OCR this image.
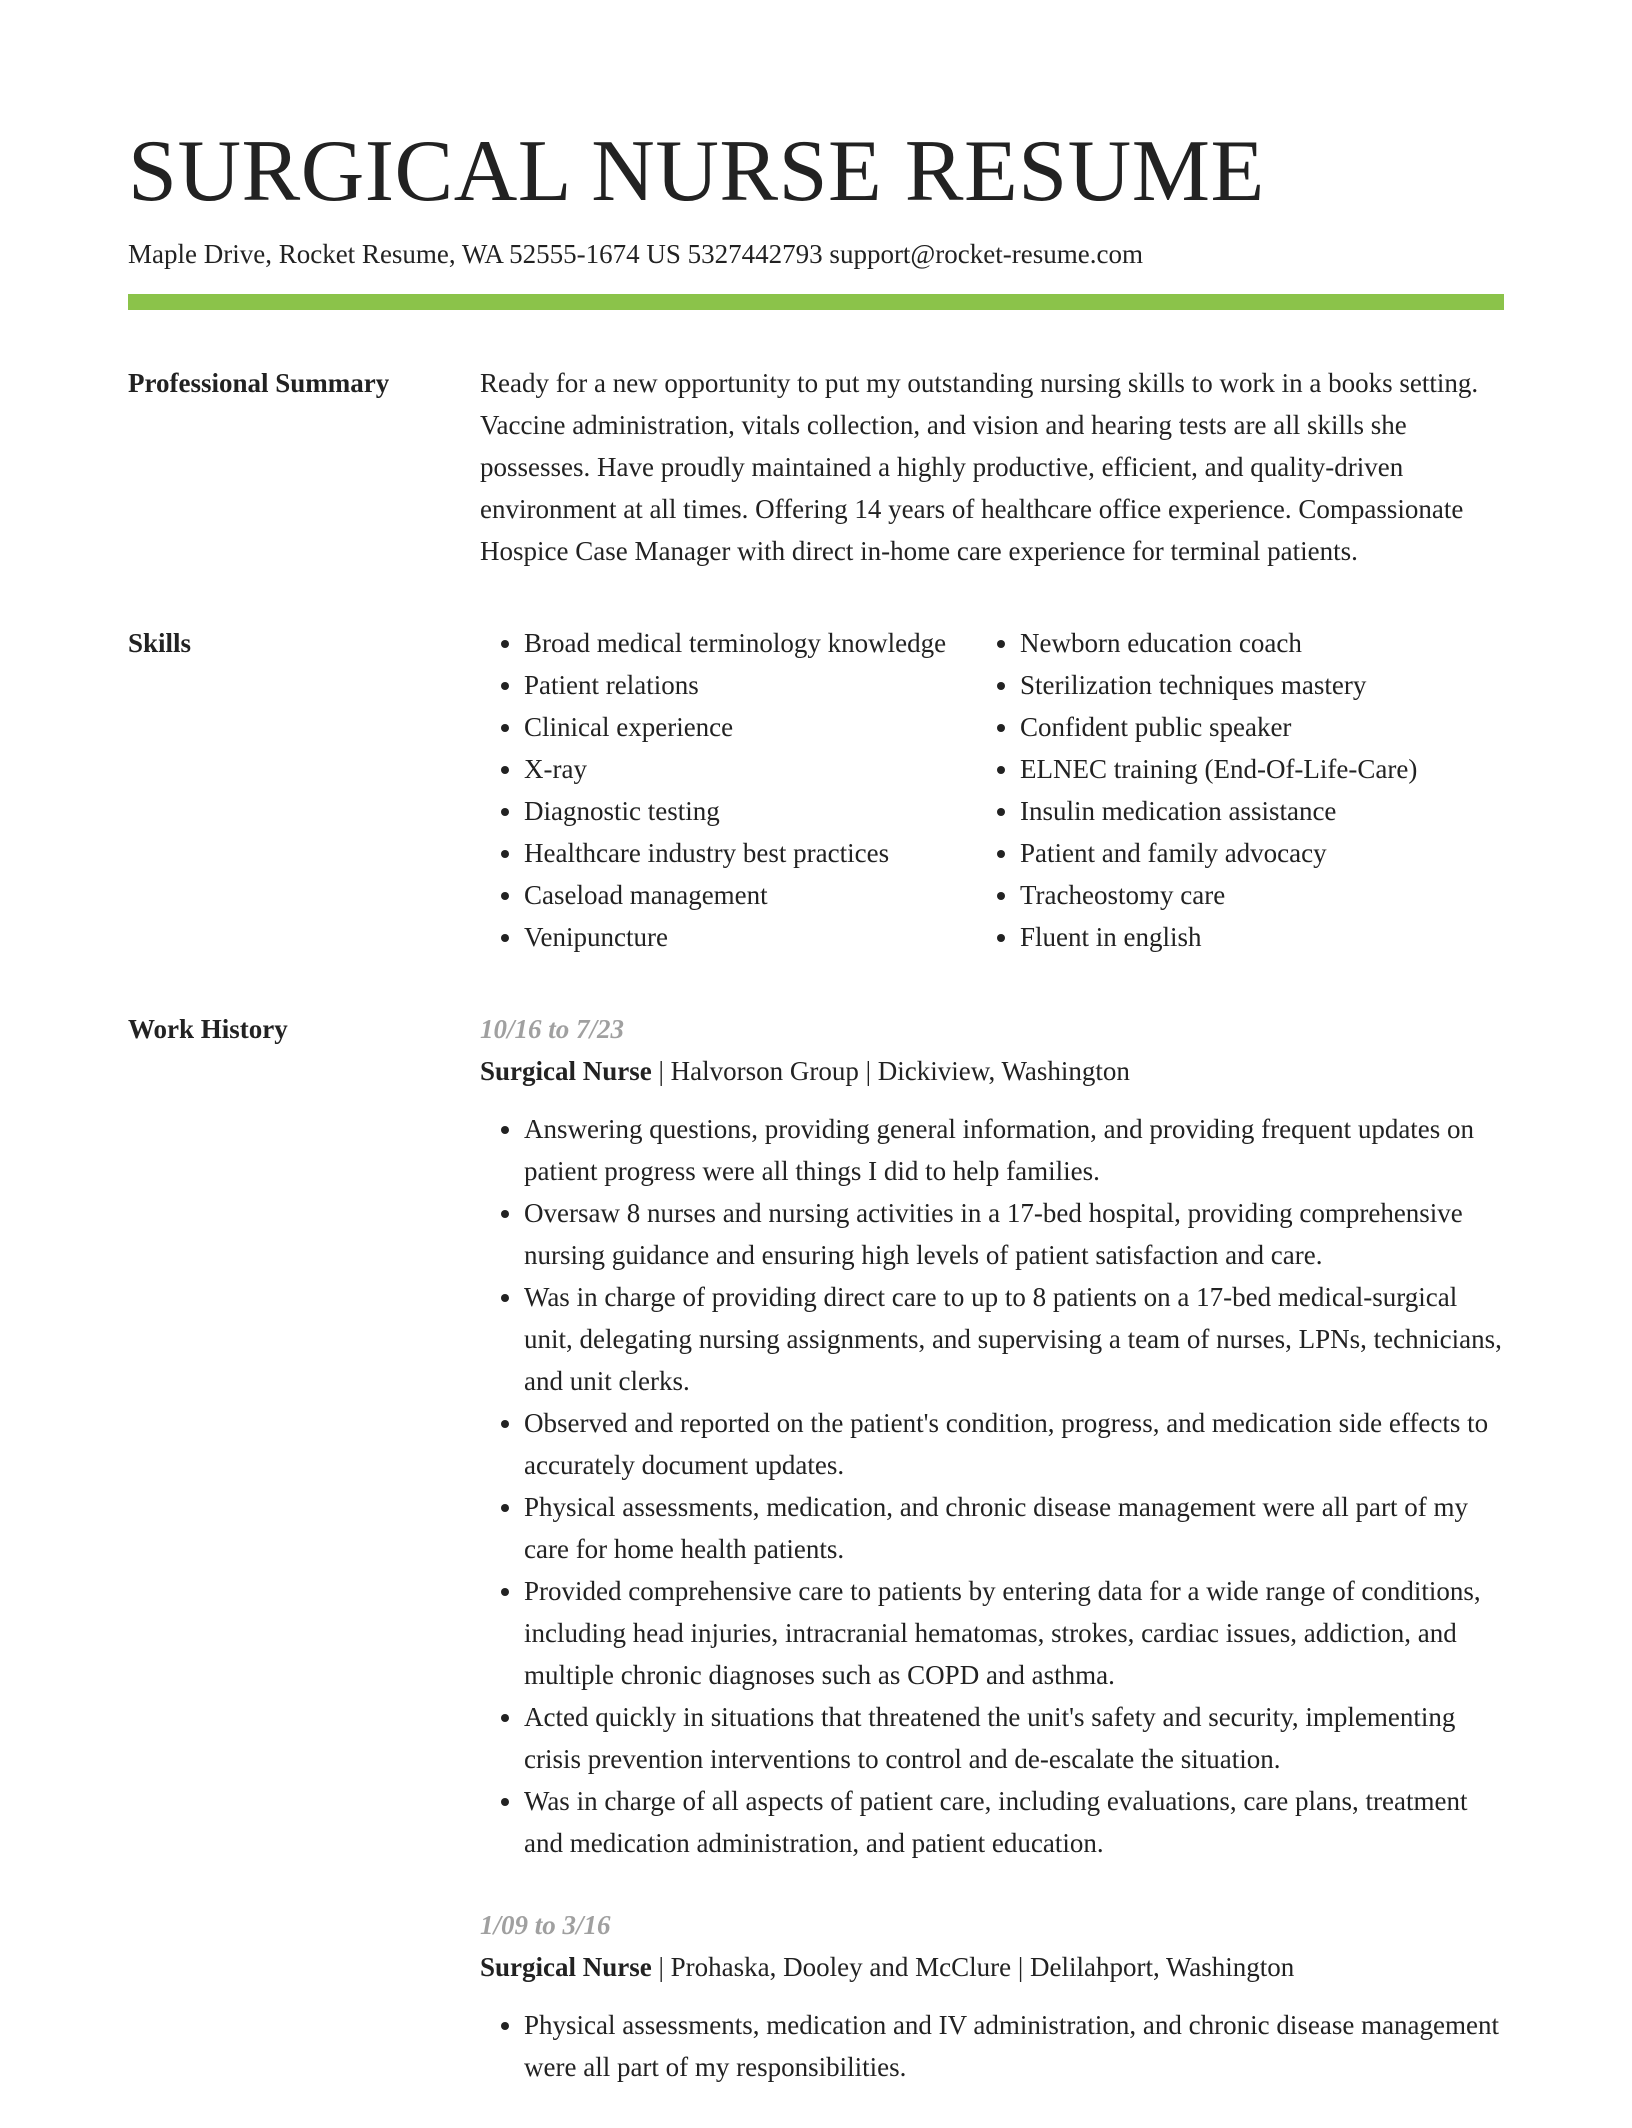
SURGICAL NURSE RESUME
Maple Drive, Rocket Resume, WA 52555-1674 US 5327442793 support@rocket-resume.com
Professional Summary	Ready for a new opportunity to put my outstanding nursing skills to work in a books setting. Vaccine administration, vitals collection, and vision and hearing tests are all skills she possesses. Have proudly maintained a highly productive, efficient, and quality-driven environment at all times. Offering 14 years of healthcare office experience. Compassionate Hospice Case Manager with direct in-home care experience for terminal patients.

Skills
•	Broad medical terminology knowledge
• Patient relations
• Clinical experience
• X-ray
• Diagnostic testing
• Healthcare industry best practices
• Caseload management
• Venipuncture
• Newborn education coach
• Sterilization techniques mastery
• Confident public speaker
• ELNEC training (End-Of-Life-Care)
• Insulin medication assistance
• Patient and family advocacy
• Tracheostomy care
• Fluent in english
Work History	10/16 to 7/23
Surgical Nurse | Halvorson Group | Dickiview, Washington
• Answering questions, providing general information, and providing frequent updates on patient progress were all things I did to help families.
• Oversaw 8 nurses and nursing activities in a 17-bed hospital, providing comprehensive nursing guidance and ensuring high levels of patient satisfaction and care.
• Was in charge of providing direct care to up to 8 patients on a 17-bed medical-surgical unit, delegating nursing assignments, and supervising a team of nurses, LPNs, technicians, and unit clerks.
• Observed and reported on the patient's condition, progress, and medication side effects to accurately document updates.
• Physical assessments, medication, and chronic disease management were all part of my care for home health patients.
• Provided comprehensive care to patients by entering data for a wide range of conditions, including head injuries, intracranial hematomas, strokes, cardiac issues, addiction, and multiple chronic diagnoses such as COPD and asthma.
• Acted quickly in situations that threatened the unit's safety and security, implementing crisis prevention interventions to control and de-escalate the situation.
• Was in charge of all aspects of patient care, including evaluations, care plans, treatment and medication administration, and patient education.
1/09 to 3/16
Surgical Nurse | Prohaska, Dooley and McClure | Delilahport, Washington
• Physical assessments, medication and IV administration, and chronic disease management were all part of my responsibilities.
